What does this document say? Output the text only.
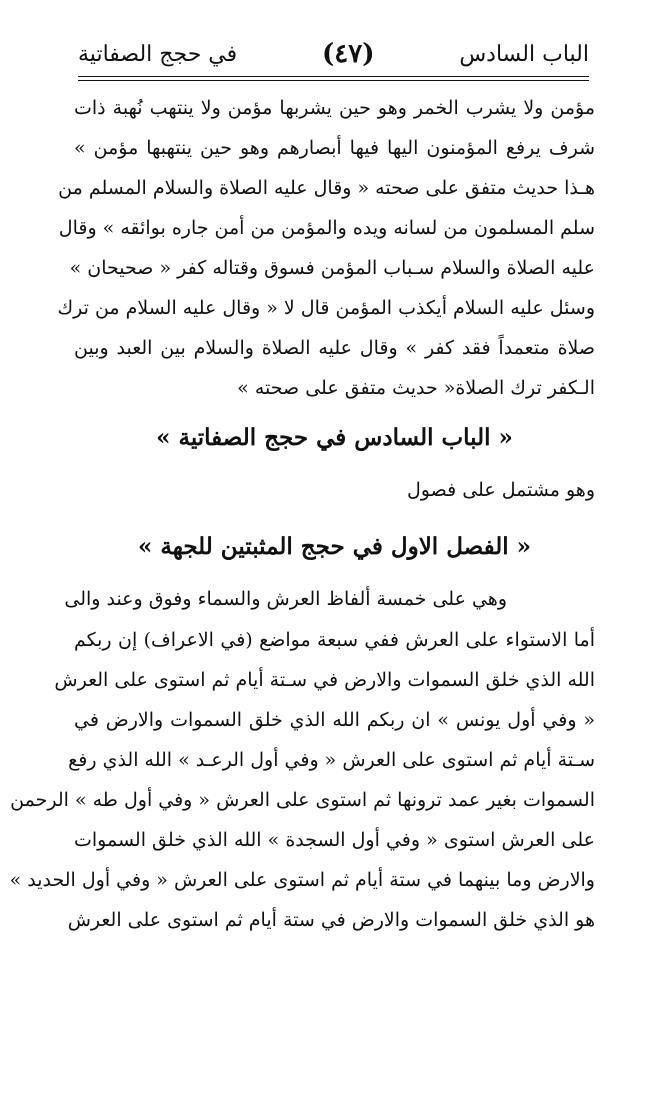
الباب السادس
(٤٧)
في حجج الصفاتية
مؤمن ولا يشرب الخمر وهو حين يشربها مؤمن ولا ينتهب نُهبة ذات
شرف يرفع المؤمنون اليها فيها أبصارهم وهو حين ينتهبها مؤمن »
هـذا حديث متفق على صحته « وقال عليه الصلاة والسلام المسلم من
سلم المسلمون من لسانه ويده والمؤمن من أمن جاره بوائقه » وقال
عليه الصلاة والسلام سـباب المؤمن فسوق وقتاله كفر « صحيحان »
وسئل عليه السلام أيكذب المؤمن قال لا « وقال عليه السلام من ترك
صلاة متعمداً فقد كفر » وقال عليه الصلاة والسلام بين العبد وبين
الـكفر ترك الصلاة« حديث متفق على صحته »
« الباب السادس في حجج الصفاتية »
وهو مشتمل على فصول
« الفصل الاول في حجج المثبتين للجهة »
وهي على خمسة ألفاظ العرش والسماء وفوق وعند والى
أما الاستواء على العرش ففي سبعة مواضع (في الاعراف) إن ربكم
الله الذي خلق السموات والارض في سـتة أيام ثم استوى على العرش
« وفي أول يونس » ان ربكم الله الذي خلق السموات والارض في
سـتة أيام ثم استوى على العرش « وفي أول الرعـد » الله الذي رفع
السموات بغير عمد ترونها ثم استوى على العرش « وفي أول طه » الرحمن
على العرش استوى « وفي أول السجدة » الله الذي خلق السموات
والارض وما بينهما في ستة أيام ثم استوى على العرش « وفي أول الحديد »
هو الذي خلق السموات والارض في ستة أيام ثم استوى على العرش
